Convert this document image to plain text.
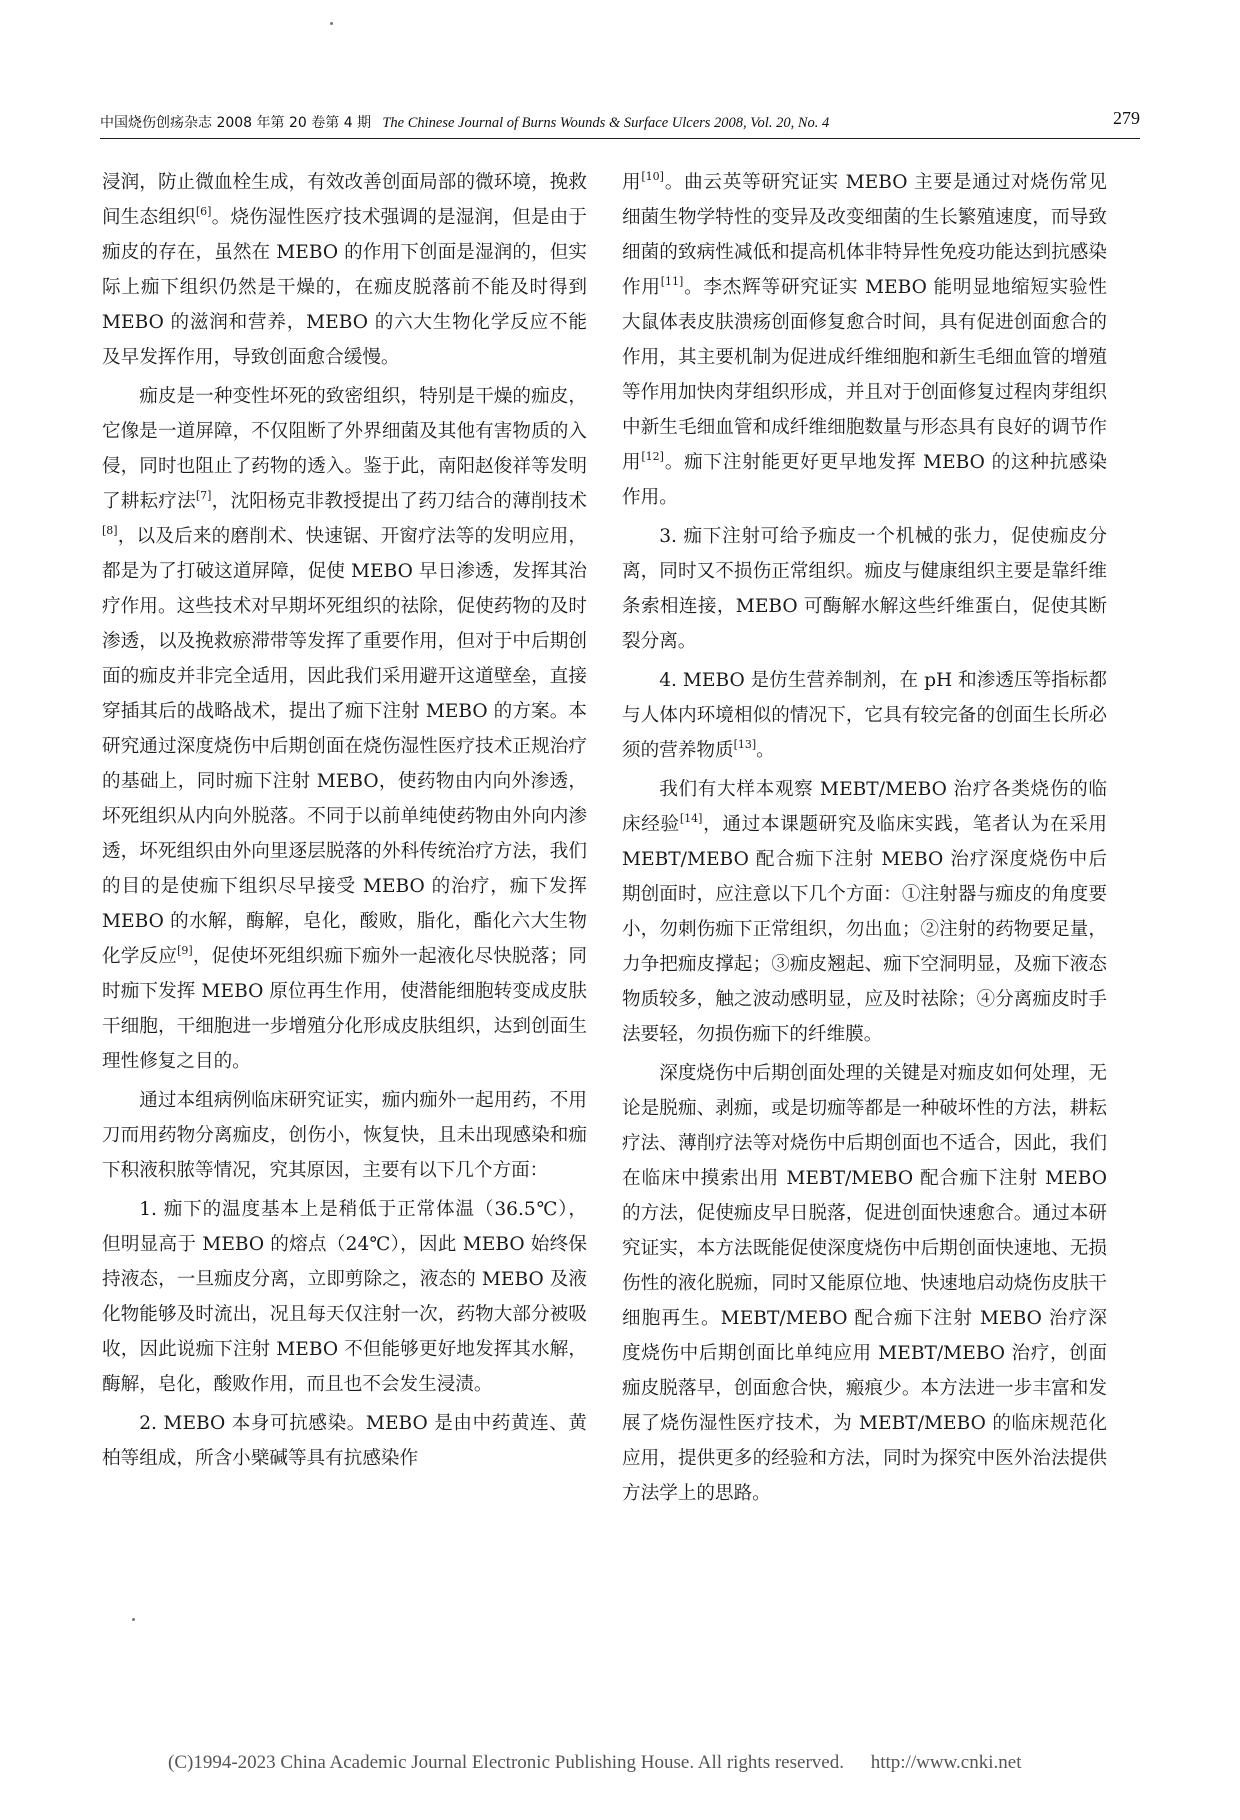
中国烧伤创疡杂志 2008 年第 20 卷第 4 期 The Chinese Journal of Burns Wounds & Surface Ulcers 2008, Vol. 20, No. 4	279

浸润，防止微血栓生成，有效改善创面局部的微环境，挽救间生态组织[6]。烧伤湿性医疗技术强调的是湿润，但是由于痂皮的存在，虽然在 MEBO 的作用下创面是湿润的，但实际上痂下组织仍然是干燥的，在痂皮脱落前不能及时得到 MEBO 的滋润和营养，MEBO 的六大生物化学反应不能及早发挥作用，导致创面愈合缓慢。

痂皮是一种变性坏死的致密组织，特别是干燥的痂皮，它像是一道屏障，不仅阻断了外界细菌及其他有害物质的入侵，同时也阻止了药物的透入。鉴于此，南阳赵俊祥等发明了耕耘疗法[7]，沈阳杨克非教授提出了药刀结合的薄削技术[8]，以及后来的磨削术、快速锯、开窗疗法等的发明应用，都是为了打破这道屏障，促使 MEBO 早日渗透，发挥其治疗作用。这些技术对早期坏死组织的祛除，促使药物的及时渗透，以及挽救瘀滞带等发挥了重要作用，但对于中后期创面的痂皮并非完全适用，因此我们采用避开这道壁垒，直接穿插其后的战略战术，提出了痂下注射 MEBO 的方案。本研究通过深度烧伤中后期创面在烧伤湿性医疗技术正规治疗的基础上，同时痂下注射 MEBO，使药物由内向外渗透，坏死组织从内向外脱落。不同于以前单纯使药物由外向内渗透，坏死组织由外向里逐层脱落的外科传统治疗方法，我们的目的是使痂下组织尽早接受 MEBO 的治疗，痂下发挥 MEBO 的水解，酶解，皂化，酸败，脂化，酯化六大生物化学反应[9]，促使坏死组织痂下痂外一起液化尽快脱落；同时痂下发挥 MEBO 原位再生作用，使潜能细胞转变成皮肤干细胞，干细胞进一步增殖分化形成皮肤组织，达到创面生理性修复之目的。

通过本组病例临床研究证实，痂内痂外一起用药，不用刀而用药物分离痂皮，创伤小，恢复快，且未出现感染和痂下积液积脓等情况，究其原因，主要有以下几个方面：

1. 痂下的温度基本上是稍低于正常体温（36.5℃），但明显高于 MEBO 的熔点（24℃），因此 MEBO 始终保持液态，一旦痂皮分离，立即剪除之，液态的 MEBO 及液化物能够及时流出，况且每天仅注射一次，药物大部分被吸收，因此说痂下注射 MEBO 不但能够更好地发挥其水解，酶解，皂化，酸败作用，而且也不会发生浸渍。

2. MEBO 本身可抗感染。MEBO 是由中药黄连、黄柏等组成，所含小檗碱等具有抗感染作

用[10]。曲云英等研究证实 MEBO 主要是通过对烧伤常见细菌生物学特性的变异及改变细菌的生长繁殖速度，而导致细菌的致病性减低和提高机体非特异性免疫功能达到抗感染作用[11]。李杰辉等研究证实 MEBO 能明显地缩短实验性大鼠体表皮肤溃疡创面修复愈合时间，具有促进创面愈合的作用，其主要机制为促进成纤维细胞和新生毛细血管的增殖等作用加快肉芽组织形成，并且对于创面修复过程肉芽组织中新生毛细血管和成纤维细胞数量与形态具有良好的调节作用[12]。痂下注射能更好更早地发挥 MEBO 的这种抗感染作用。

3. 痂下注射可给予痂皮一个机械的张力，促使痂皮分离，同时又不损伤正常组织。痂皮与健康组织主要是靠纤维条索相连接，MEBO 可酶解水解这些纤维蛋白，促使其断裂分离。

4. MEBO 是仿生营养制剂，在 pH 和渗透压等指标都与人体内环境相似的情况下，它具有较完备的创面生长所必须的营养物质[13]。

我们有大样本观察 MEBT/MEBO 治疗各类烧伤的临床经验[14]，通过本课题研究及临床实践，笔者认为在采用 MEBT/MEBO 配合痂下注射 MEBO 治疗深度烧伤中后期创面时，应注意以下几个方面：①注射器与痂皮的角度要小，勿刺伤痂下正常组织，勿出血；②注射的药物要足量，力争把痂皮撑起；③痂皮翘起、痂下空洞明显，及痂下液态物质较多，触之波动感明显，应及时祛除；④分离痂皮时手法要轻，勿损伤痂下的纤维膜。

深度烧伤中后期创面处理的关键是对痂皮如何处理，无论是脱痂、剥痂，或是切痂等都是一种破坏性的方法，耕耘疗法、薄削疗法等对烧伤中后期创面也不适合，因此，我们在临床中摸索出用 MEBT/MEBO 配合痂下注射 MEBO 的方法，促使痂皮早日脱落，促进创面快速愈合。通过本研究证实，本方法既能促使深度烧伤中后期创面快速地、无损伤性的液化脱痂，同时又能原位地、快速地启动烧伤皮肤干细胞再生。MEBT/MEBO 配合痂下注射 MEBO 治疗深度烧伤中后期创面比单纯应用 MEBT/MEBO 治疗，创面痂皮脱落早，创面愈合快，瘢痕少。本方法进一步丰富和发展了烧伤湿性医疗技术，为 MEBT/MEBO 的临床规范化应用，提供更多的经验和方法，同时为探究中医外治法提供方法学上的思路。

(C)1994-2023 China Academic Journal Electronic Publishing House. All rights reserved. http://www.cnki.net
